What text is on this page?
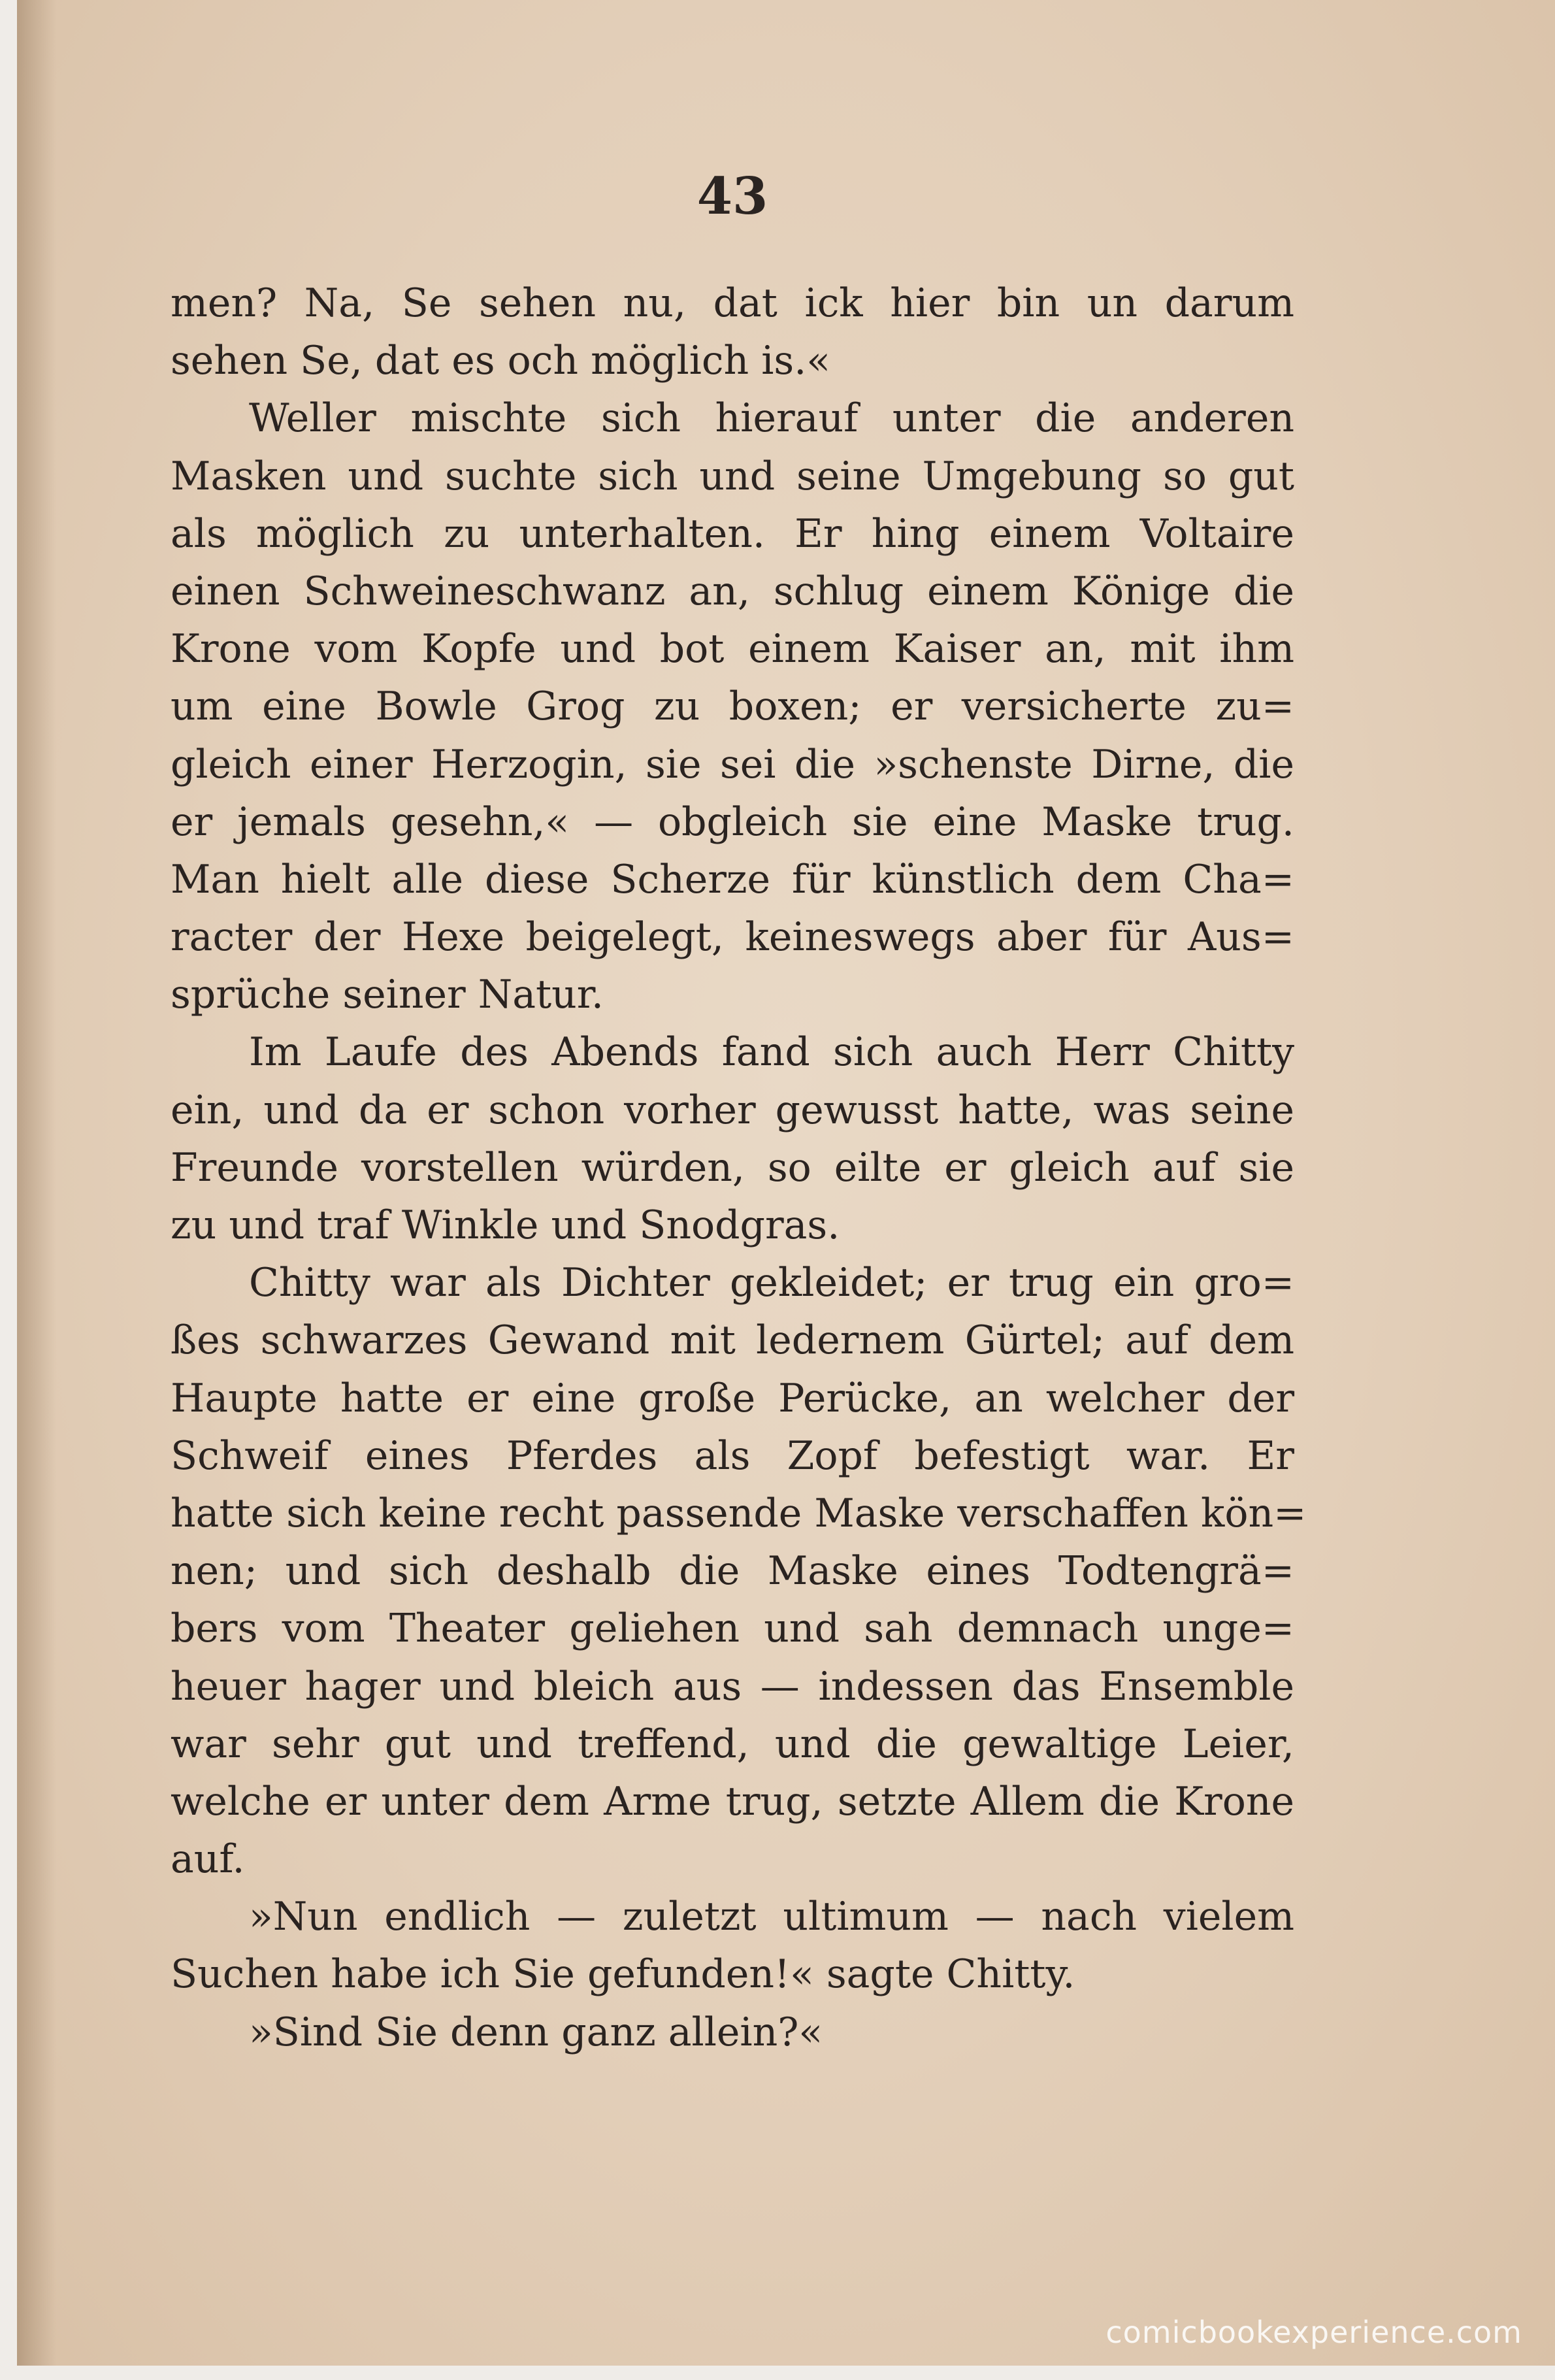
43
men? Na, Se sehen nu, dat ick hier bin un darum
sehen Se, dat es och möglich is.«
Weller mischte sich hierauf unter die anderen
Masken und suchte sich und seine Umgebung so gut
als möglich zu unterhalten. Er hing einem Voltaire
einen Schweineschwanz an, schlug einem Könige die
Krone vom Kopfe und bot einem Kaiser an, mit ihm
um eine Bowle Grog zu boxen; er versicherte zu=
gleich einer Herzogin, sie sei die »schenste Dirne, die
er jemals gesehn,« — obgleich sie eine Maske trug.
Man hielt alle diese Scherze für künstlich dem Cha=
racter der Hexe beigelegt, keineswegs aber für Aus=
sprüche seiner Natur.
Im Laufe des Abends fand sich auch Herr Chitty
ein, und da er schon vorher gewusst hatte, was seine
Freunde vorstellen würden, so eilte er gleich auf sie
zu und traf Winkle und Snodgras.
Chitty war als Dichter gekleidet; er trug ein gro=
ßes schwarzes Gewand mit ledernem Gürtel; auf dem
Haupte hatte er eine große Perücke, an welcher der
Schweif eines Pferdes als Zopf befestigt war. Er
hatte sich keine recht passende Maske verschaffen kön=
nen; und sich deshalb die Maske eines Todtengrä=
bers vom Theater geliehen und sah demnach unge=
heuer hager und bleich aus — indessen das Ensemble
war sehr gut und treffend, und die gewaltige Leier,
welche er unter dem Arme trug, setzte Allem die Krone
auf.
»Nun endlich — zuletzt ultimum — nach vielem
Suchen habe ich Sie gefunden!« sagte Chitty.
»Sind Sie denn ganz allein?«
comicbookexperience.com
